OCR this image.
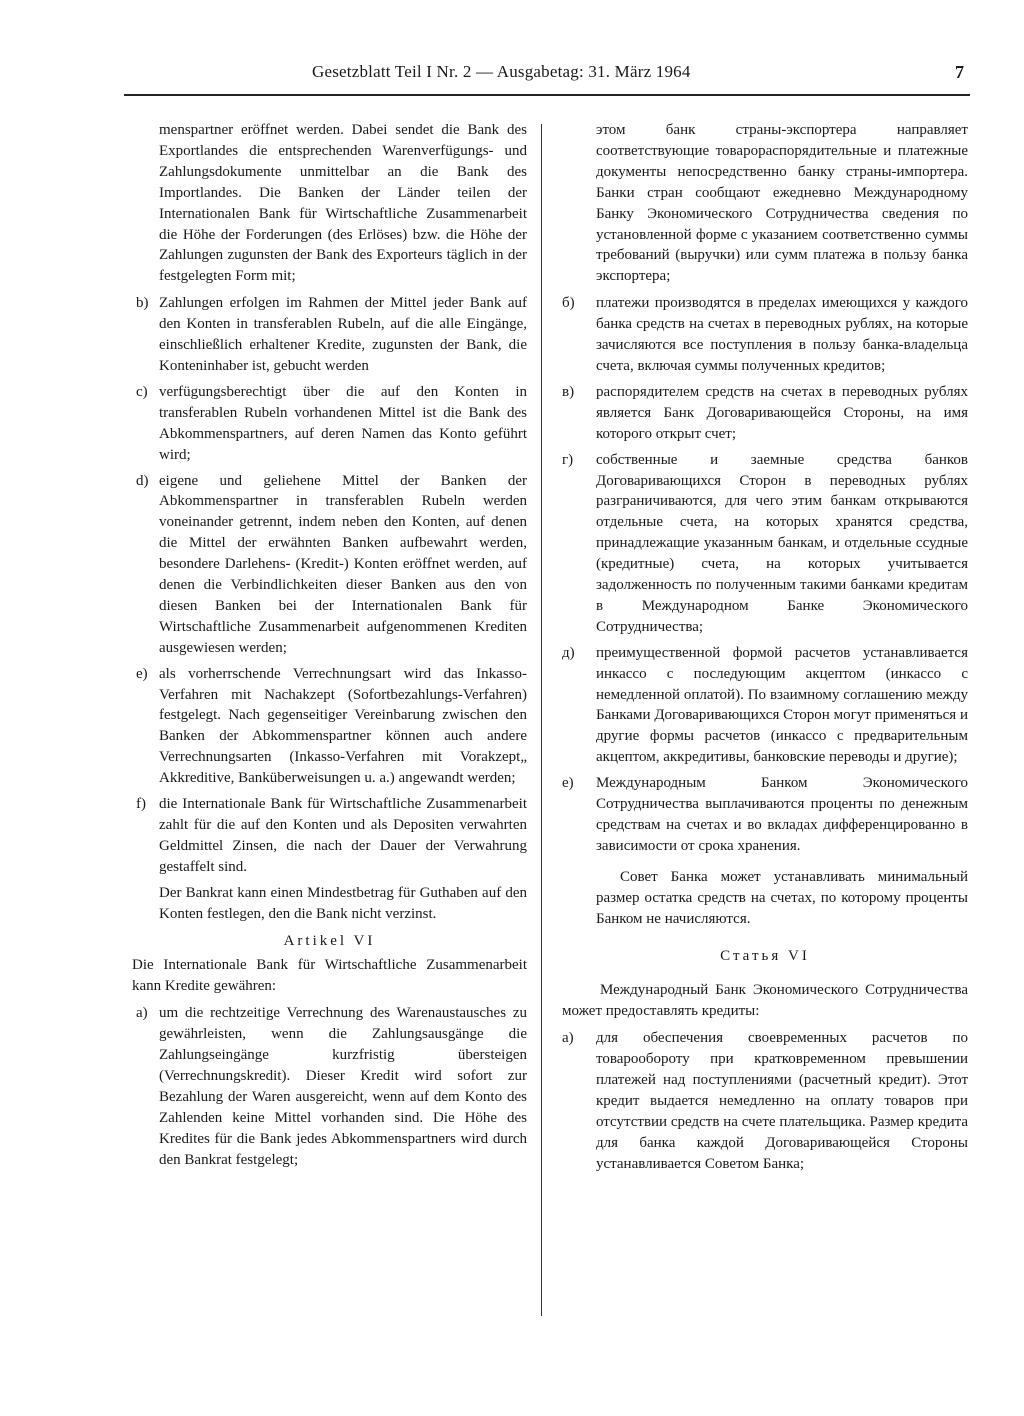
Gesetzblatt Teil I Nr. 2 — Ausgabetag: 31. März 1964	7

menspartner eröffnet werden. Dabei sendet die Bank des Exportlandes die entsprechenden Warenverfügungs- und Zahlungsdokumente unmittelbar an die Bank des Importlandes. Die Banken der Länder teilen der Internationalen Bank für Wirtschaftliche Zusammenarbeit die Höhe der Forderungen (des Erlöses) bzw. die Höhe der Zahlungen zugunsten der Bank des Exporteurs täglich in der festgelegten Form mit;

b) Zahlungen erfolgen im Rahmen der Mittel jeder Bank auf den Konten in transferablen Rubeln, auf die alle Eingänge, einschließlich erhaltener Kredite, zugunsten der Bank, die Konteninhaber ist, gebucht werden
c) verfügungsberechtigt über die auf den Konten in transferablen Rubeln vorhandenen Mittel ist die Bank des Abkommenspartners, auf deren Namen das Konto geführt wird;
d) eigene und geliehene Mittel der Banken der Abkommenspartner in transferablen Rubeln werden voneinander getrennt, indem neben den Konten, auf denen die Mittel der erwähnten Banken aufbewahrt werden, besondere Darlehens- (Kredit-) Konten eröffnet werden, auf denen die Verbindlichkeiten dieser Banken aus den von diesen Banken bei der Internationalen Bank für Wirtschaftliche Zusammenarbeit aufgenommenen Krediten ausgewiesen werden;
e) als vorherrschende Verrechnungsart wird das Inkasso-Verfahren mit Nachakzept (Sofortbezahlungs-Verfahren) festgelegt. Nach gegenseitiger Vereinbarung zwischen den Banken der Abkommenspartner können auch andere Verrechnungsarten (Inkasso-Verfahren mit Vorakzept„ Akkreditive, Banküberweisungen u. a.) angewandt werden;
f) die Internationale Bank für Wirtschaftliche Zusammenarbeit zahlt für die auf den Konten und als Depositen verwahrten Geldmittel Zinsen, die nach der Dauer der Verwahrung gestaffelt sind.

Der Bankrat kann einen Mindestbetrag für Guthaben auf den Konten festlegen, den die Bank nicht verzinst.

Artikel VI

Die Internationale Bank für Wirtschaftliche Zusammenarbeit kann Kredite gewähren:

a) um die rechtzeitige Verrechnung des Warenaustausches zu gewährleisten, wenn die Zahlungsausgänge die Zahlungseingänge kurzfristig übersteigen (Verrechnungskredit). Dieser Kredit wird sofort zur Bezahlung der Waren ausgereicht, wenn auf dem Konto des Zahlenden keine Mittel vorhanden sind. Die Höhe des Kredites für die Bank jedes Abkommenspartners wird durch den Bankrat festgelegt;

этом банк страны-экспортера направляет соответствующие товарораспорядительные и платежные документы непосредственно банку страны-импортера. Банки стран сообщают ежедневно Международному Банку Экономического Сотрудничества сведения по установленной форме с указанием соответственно суммы требований (выручки) или сумм платежа в пользу банка экспортера;

б) платежи производятся в пределах имеющихся у каждого банка средств на счетах в переводных рублях, на которые зачисляются все поступления в пользу банка-владельца счета, включая суммы полученных кредитов;
в) распорядителем средств на счетах в переводных рублях является Банк Договаривающейся Стороны, на имя которого открыт счет;
г) собственные и заемные средства банков Договаривающихся Сторон в переводных рублях разграничиваются, для чего этим банкам открываются отдельные счета, на которых хранятся средства, принадлежащие указанным банкам, и отдельные ссудные (кредитные) счета, на которых учитывается задолженность по полученным такими банками кредитам в Международном Банке Экономического Сотрудничества;
д) преимущественной формой расчетов устанавливается инкассо с последующим акцептом (инкассо с немедленной оплатой). По взаимному соглашению между Банками Договаривающихся Сторон могут применяться и другие формы расчетов (инкассо с предварительным акцептом, аккредитивы, банковские переводы и другие);
е) Международным Банком Экономического Сотрудничества выплачиваются проценты по денежным средствам на счетах и во вкладах дифференцированно в зависимости от срока хранения.

Совет Банка может устанавливать минимальный размер остатка средств на счетах, по которому проценты Банком не начисляются.

Статья VI

Международный Банк Экономического Сотрудничества может предоставлять кредиты:

а) для обеспечения своевременных расчетов по товарообороту при кратковременном превышении платежей над поступлениями (расчетный кредит). Этот кредит выдается немедленно на оплату товаров при отсутствии средств на счете плательщика. Размер кредита для банка каждой Договаривающейся Стороны устанавливается Советом Банка;
